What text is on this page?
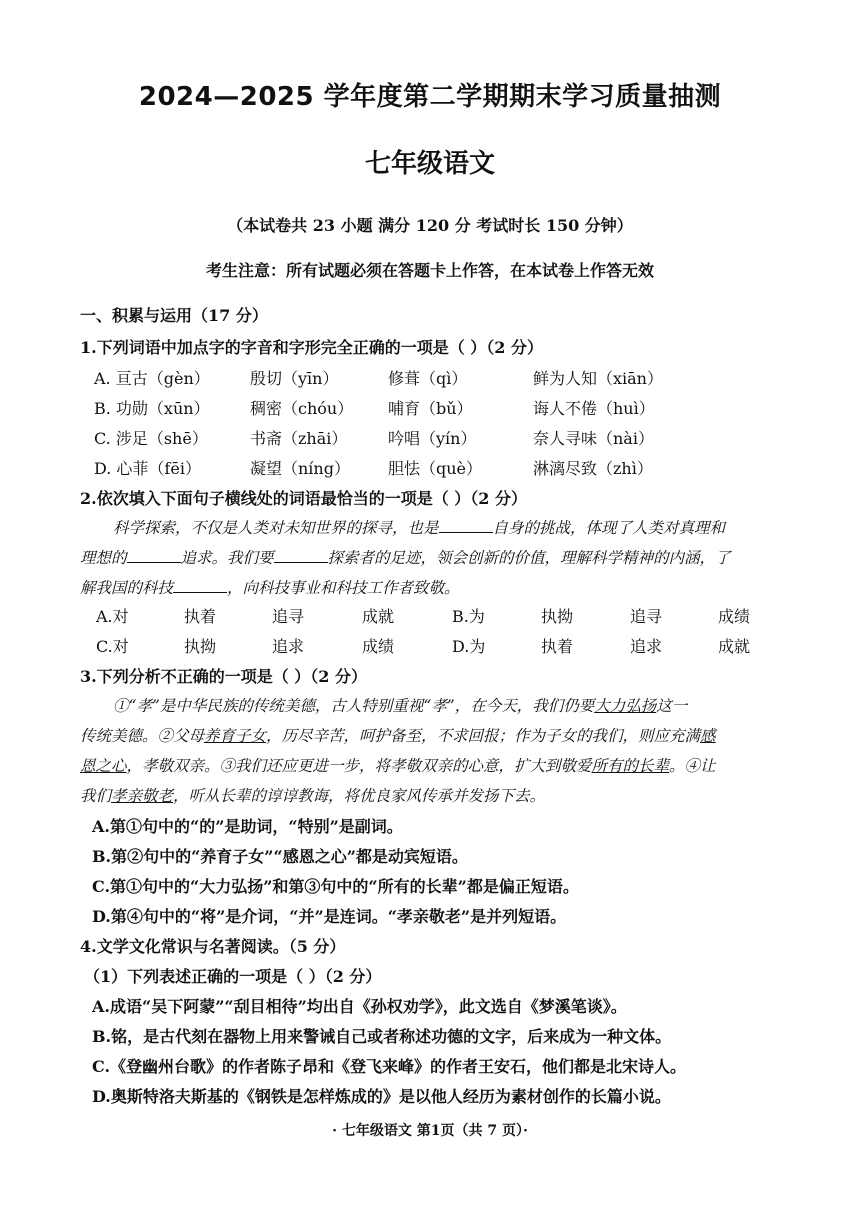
2024—2025 学年度第二学期期末学习质量抽测
七年级语文
（本试卷共 23 小题 满分 120 分 考试时长 150 分钟）
考生注意：所有试题必须在答题卡上作答，在本试卷上作答无效
一、积累与运用（17 分）
1.下列词语中加点字的字音和字形完全正确的一项是（ ）（2 分）
A. 亘古（gèn）	殷切（yīn）	修葺（qì）	鲜为人知（xiān）
B. 功勋（xūn）	稠密（chóu） 哺育（bǔ）	诲人不倦（huì）
C. 涉足（shē）	书斋（zhāi）	吟唱（yín）	奈人寻味（nài）
D. 心菲（fēi）	凝望（níng） 胆怯（què）	淋漓尽致（zhì）
2.依次填入下面句子横线处的词语最恰当的一项是（ ）（2 分）
科学探索，不仅是人类对未知世界的探寻，也是	自身的挑战，体现了人类对真理和
理想的	追求。我们要	探索者的足迹，领会创新的价值，理解科学精神的内涵，了
解我国的科技	，向科技事业和科技工作者致敬。
A.对	执着	追寻	成就	B.为	执拗	追寻	成绩
C.对	执拗	追求	成绩	D.为	执着	追求	成就
3.下列分析不正确的一项是（ ）（2 分）
①“孝”是中华民族的传统美德，古人特别重视“孝”，在今天，我们仍要大力弘扬这一
传统美德。②父母养育子女，历尽辛苦，呵护备至，不求回报；作为子女的我们，则应充满感
恩之心，孝敬双亲。③我们还应更进一步，将孝敬双亲的心意，扩大到敬爱所有的长辈。④让
我们孝亲敬老，听从长辈的谆谆教诲，将优良家风传承并发扬下去。
A.第①句中的“的”是助词，“特别”是副词。
B.第②句中的“养育子女”“感恩之心”都是动宾短语。
C.第①句中的“大力弘扬”和第③句中的“所有的长辈”都是偏正短语。
D.第④句中的“将”是介词，“并”是连词。“孝亲敬老”是并列短语。
4.文学文化常识与名著阅读。（5 分）
（1）下列表述正确的一项是（ ）（2 分）
A.成语“吴下阿蒙”“刮目相待”均出自《孙权劝学》，此文选自《梦溪笔谈》。
B.铭，是古代刻在器物上用来警诫自己或者称述功德的文字，后来成为一种文体。
C.《登幽州台歌》的作者陈子昂和《登飞来峰》的作者王安石，他们都是北宋诗人。
D.奥斯特洛夫斯基的《钢铁是怎样炼成的》是以他人经历为素材创作的长篇小说。
· 七年级语文 第1页（共 7 页）·
